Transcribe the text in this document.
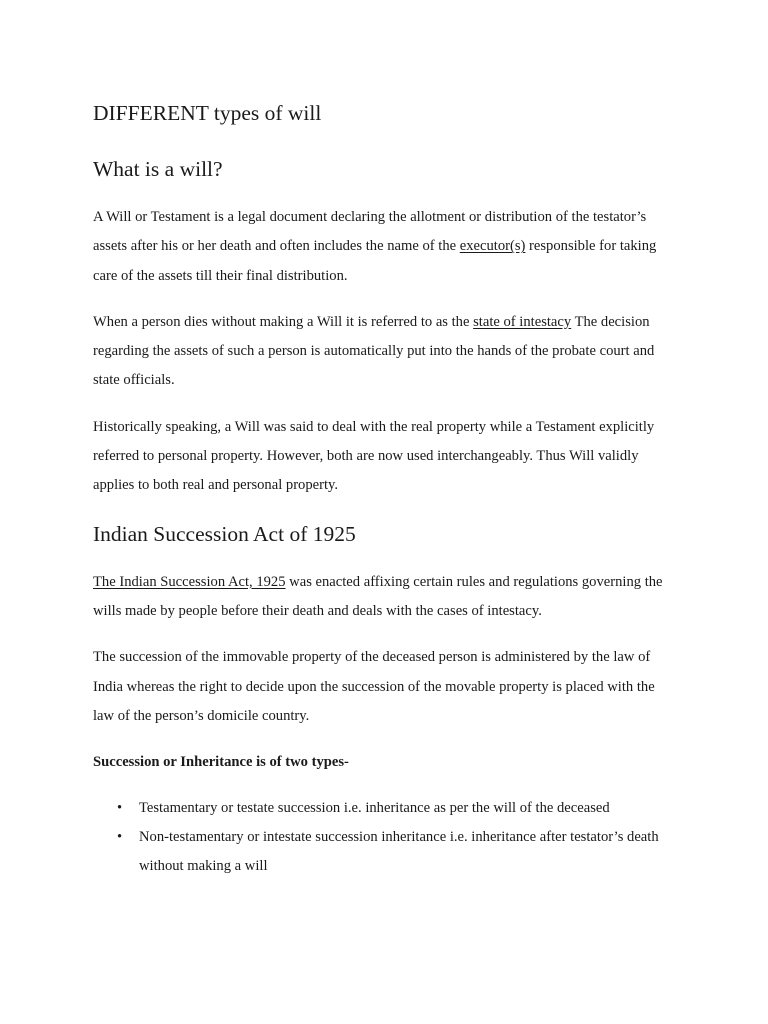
DIFFERENT types of will
What is a will?

A Will or Testament is a legal document declaring the allotment or distribution of the testator’s assets after his or her death and often includes the name of the executor(s) responsible for taking care of the assets till their final distribution.

When a person dies without making a Will it is referred to as the state of intestacy The decision regarding the assets of such a person is automatically put into the hands of the probate court and state officials.

Historically speaking, a Will was said to deal with the real property while a Testament explicitly referred to personal property. However, both are now used interchangeably. Thus Will validly applies to both real and personal property.

Indian Succession Act of 1925

The Indian Succession Act, 1925 was enacted affixing certain rules and regulations governing the wills made by people before their death and deals with the cases of intestacy.

The succession of the immovable property of the deceased person is administered by the law of India whereas the right to decide upon the succession of the movable property is placed with the law of the person’s domicile country.

Succession or Inheritance is of two types-

• Testamentary or testate succession i.e. inheritance as per the will of the deceased
• Non-testamentary or intestate succession inheritance i.e. inheritance after testator’s death without making a will
